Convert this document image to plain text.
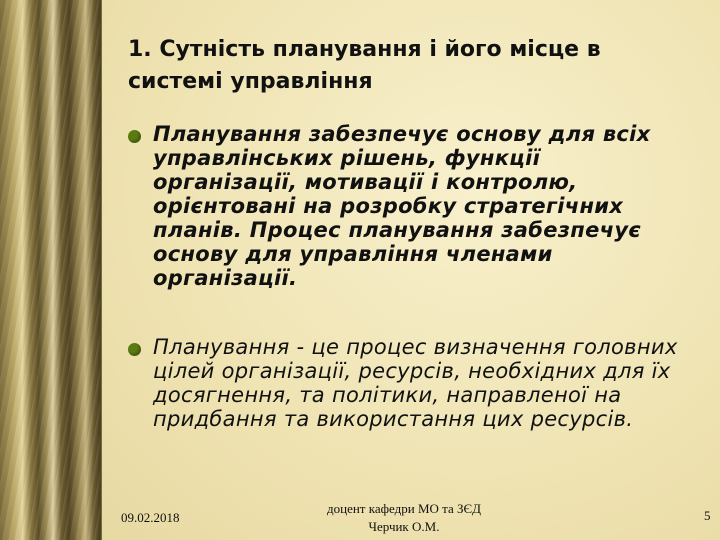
1. Сутність планування і його місце в системі управління
Планування забезпечує основу для всіх управлінських рішень, функції організації, мотивації і контролю, орієнтовані на розробку стратегічних планів. Процес планування забезпечує основу для управління членами організації.
Планування - це процес визначення головних цілей організації, ресурсів, необхідних для їх досягнення, та політики, направленої на придбання та використання цих ресурсів.
09.02.2018
доцент кафедри МО та ЗЄД
Черчик О.М.
5
